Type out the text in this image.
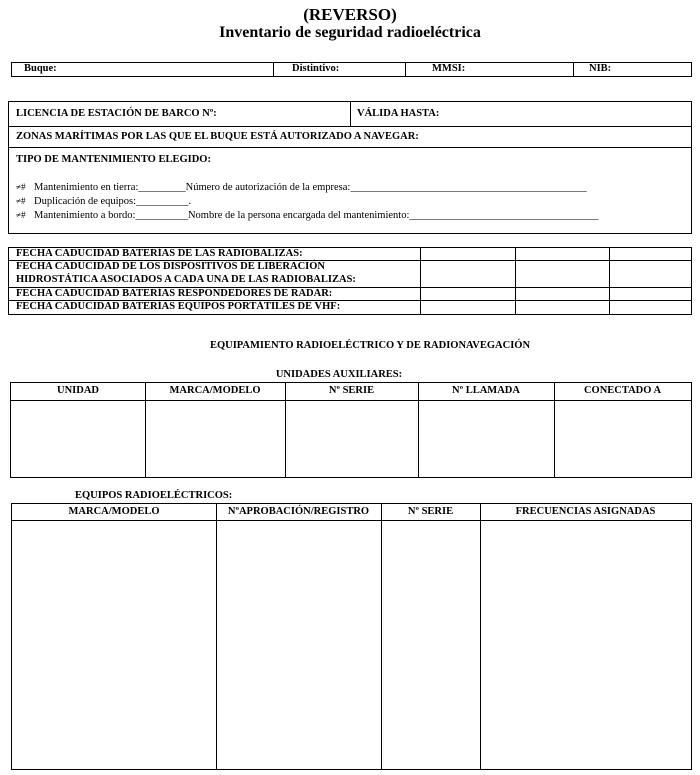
(REVERSO)
Inventario de seguridad radioeléctrica
Buque:	Distintivo:	MMSI:	NIB:
LICENCIA DE ESTACIÓN DE BARCO Nº:	VÁLIDA HASTA:
ZONAS MARÍTIMAS POR LAS QUE EL BUQUE ESTÁ AUTORIZADO A NAVEGAR:
TIPO DE MANTENIMIENTO ELEGIDO:
≠# Mantenimiento en tierra:_________Número de autorización de la empresa:_____________________________________________
≠# Duplicación de equipos:__________.
≠# Mantenimiento a bordo:__________Nombre de la persona encargada del mantenimiento:____________________________________
FECHA CADUCIDAD BATERÍAS DE LAS RADIOBALIZAS:
FECHA CADUCIDAD DE LOS DISPOSITIVOS DE LIBERACIÓN
HIDROSTÁTICA ASOCIADOS A CADA UNA DE LAS RADIOBALIZAS:
FECHA CADUCIDAD BATERÍAS RESPONDEDORES DE RADAR:
FECHA CADUCIDAD BATERÍAS EQUIPOS PORTÁTILES DE VHF:
EQUIPAMIENTO RADIOELÉCTRICO Y DE RADIONAVEGACIÓN
UNIDADES AUXILIARES:
UNIDAD	MARCA/MODELO	Nº SERIE	Nº LLAMADA	CONECTADO A
EQUIPOS RADIOELÉCTRICOS:
MARCA/MODELO	NºAPROBACIÓN/REGISTRO	Nº SERIE	FRECUENCIAS ASIGNADAS
